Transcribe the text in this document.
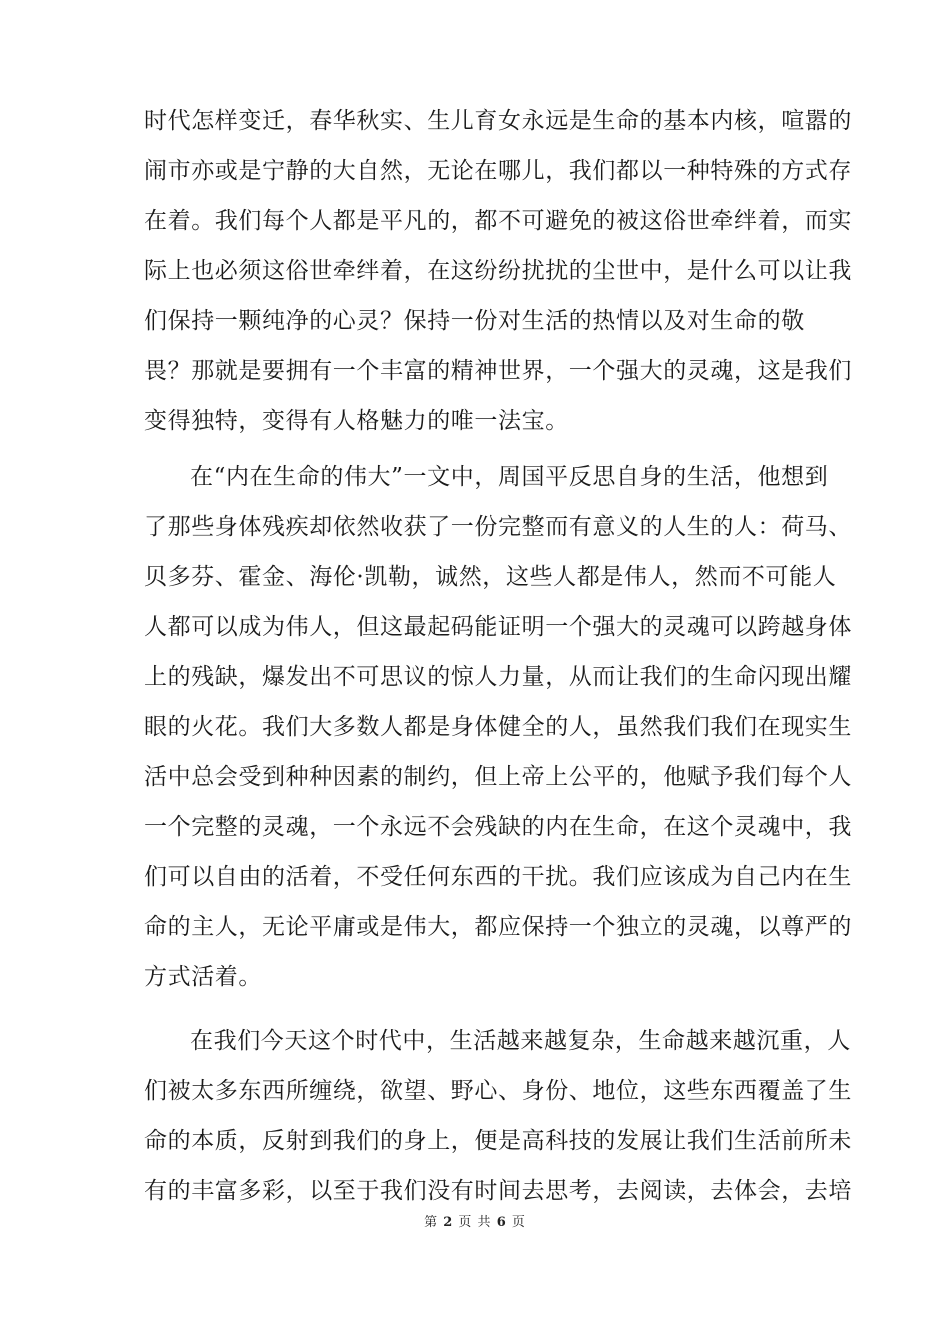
时代怎样变迁，春华秋实、生儿育女永远是生命的基本内核，喧嚣的

闹市亦或是宁静的大自然，无论在哪儿，我们都以一种特殊的方式存

在着。我们每个人都是平凡的，都不可避免的被这俗世牵绊着，而实

际上也必须这俗世牵绊着，在这纷纷扰扰的尘世中，是什么可以让我

们保持一颗纯净的心灵？保持一份对生活的热情以及对生命的敬

畏？那就是要拥有一个丰富的精神世界，一个强大的灵魂，这是我们

变得独特，变得有人格魅力的唯一法宝。

在“内在生命的伟大”一文中，周国平反思自身的生活，他想到

了那些身体残疾却依然收获了一份完整而有意义的人生的人：荷马、

贝多芬、霍金、海伦·凯勒，诚然，这些人都是伟人，然而不可能人

人都可以成为伟人，但这最起码能证明一个强大的灵魂可以跨越身体

上的残缺，爆发出不可思议的惊人力量，从而让我们的生命闪现出耀

眼的火花。我们大多数人都是身体健全的人，虽然我们我们在现实生

活中总会受到种种因素的制约，但上帝上公平的，他赋予我们每个人

一个完整的灵魂，一个永远不会残缺的内在生命，在这个灵魂中，我

们可以自由的活着，不受任何东西的干扰。我们应该成为自己内在生

命的主人，无论平庸或是伟大，都应保持一个独立的灵魂，以尊严的

方式活着。

在我们今天这个时代中，生活越来越复杂，生命越来越沉重，人

们被太多东西所缠绕，欲望、野心、身份、地位，这些东西覆盖了生

命的本质，反射到我们的身上，便是高科技的发展让我们生活前所未

有的丰富多彩，以至于我们没有时间去思考，去阅读，去体会，去培

第 2 页 共 6 页
